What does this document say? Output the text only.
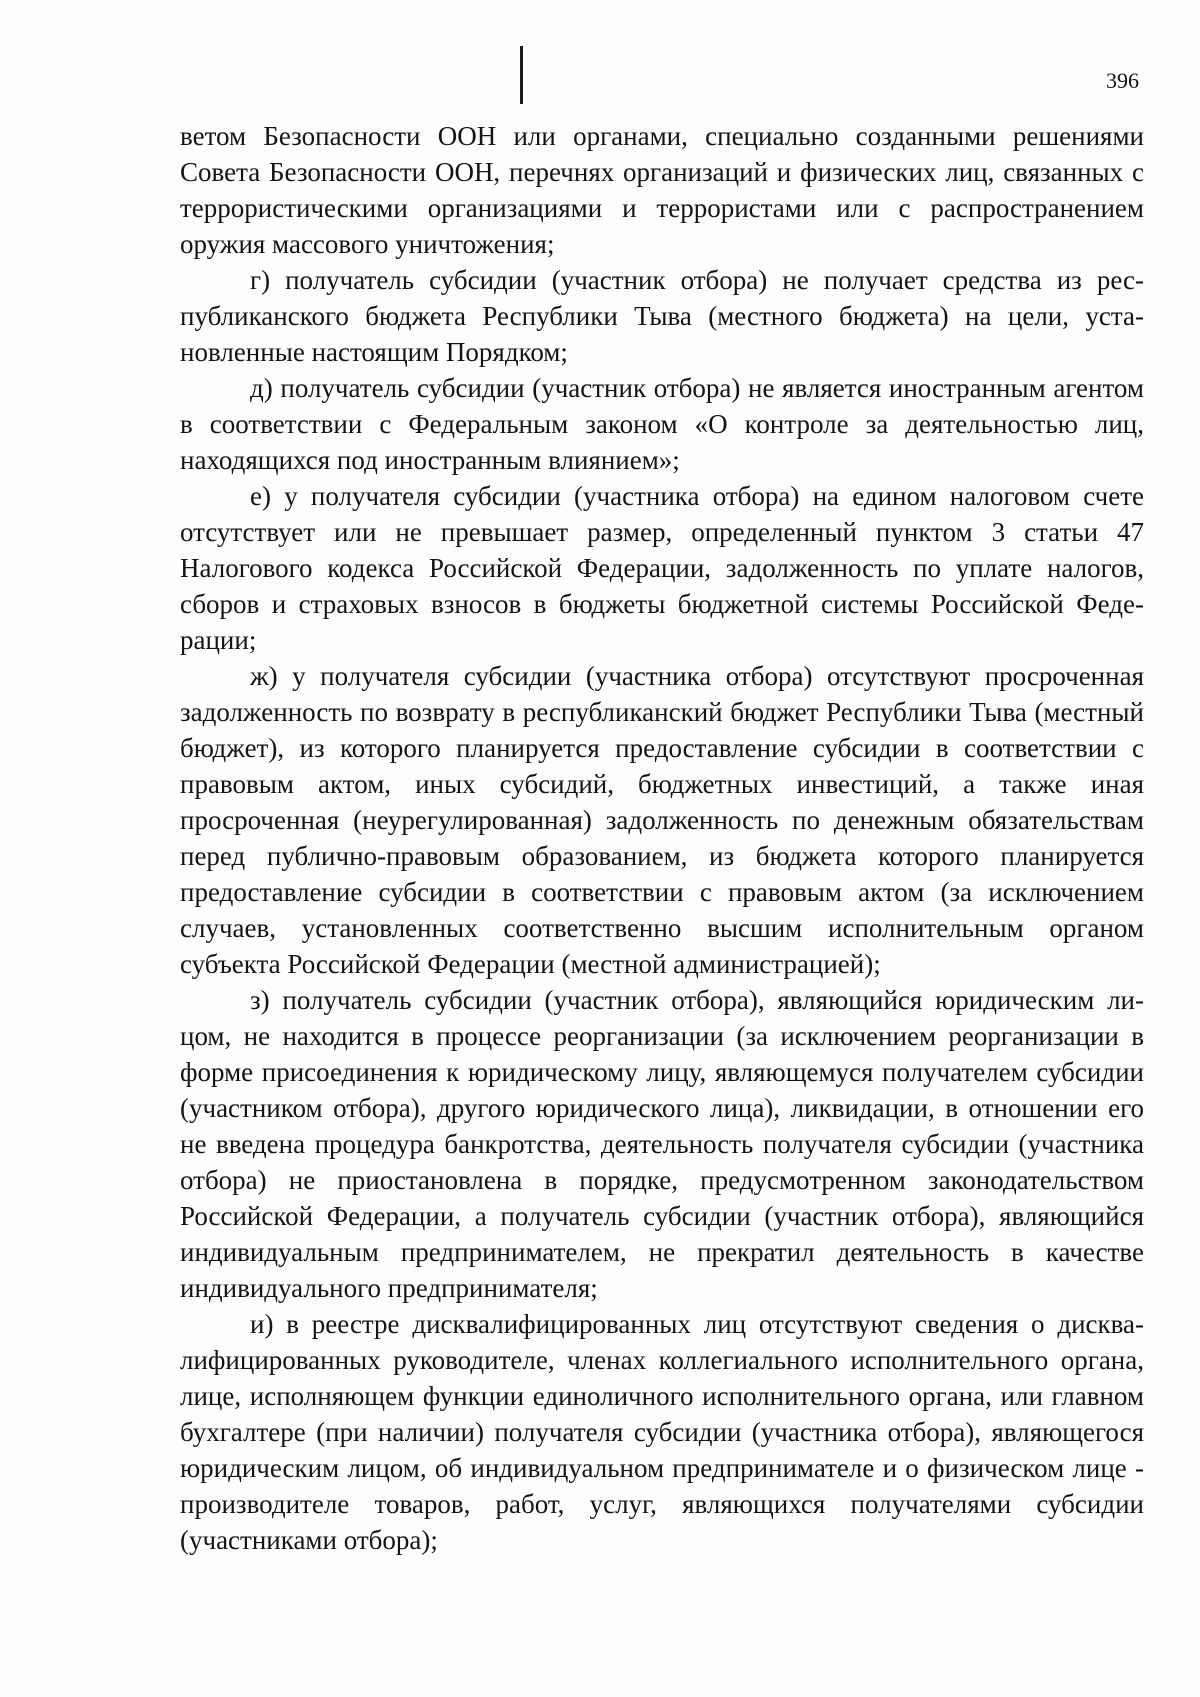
396

ветом Безопасности ООН или органами, специально созданными решениями Совета Безопасности ООН, перечнях организаций и физических лиц, связанных с террористическими организациями и террористами или с распространением оружия массового уничтожения;

г) получатель субсидии (участник отбора) не получает средства из республиканского бюджета Республики Тыва (местного бюджета) на цели, установленные настоящим Порядком;

д) получатель субсидии (участник отбора) не является иностранным агентом в соответствии с Федеральным законом «О контроле за деятельностью лиц, находящихся под иностранным влиянием»;

е) у получателя субсидии (участника отбора) на едином налоговом счете отсутствует или не превышает размер, определенный пунктом 3 статьи 47 Налогового кодекса Российской Федерации, задолженность по уплате налогов, сборов и страховых взносов в бюджеты бюджетной системы Российской Федерации;

ж) у получателя субсидии (участника отбора) отсутствуют просроченная задолженность по возврату в республиканский бюджет Республики Тыва (местный бюджет), из которого планируется предоставление субсидии в соответствии с правовым актом, иных субсидий, бюджетных инвестиций, а также иная просроченная (неурегулированная) задолженность по денежным обязательствам перед публично-правовым образованием, из бюджета которого планируется предоставление субсидии в соответствии с правовым актом (за исключением случаев, установленных соответственно высшим исполнительным органом субъекта Российской Федерации (местной администрацией);

з) получатель субсидии (участник отбора), являющийся юридическим лицом, не находится в процессе реорганизации (за исключением реорганизации в форме присоединения к юридическому лицу, являющемуся получателем субсидии (участником отбора), другого юридического лица), ликвидации, в отношении его не введена процедура банкротства, деятельность получателя субсидии (участника отбора) не приостановлена в порядке, предусмотренном законодательством Российской Федерации, а получатель субсидии (участник отбора), являющийся индивидуальным предпринимателем, не прекратил деятельность в качестве индивидуального предпринимателя;

и) в реестре дисквалифицированных лиц отсутствуют сведения о дисквалифицированных руководителе, членах коллегиального исполнительного органа, лице, исполняющем функции единоличного исполнительного органа, или главном бухгалтере (при наличии) получателя субсидии (участника отбора), являющегося юридическим лицом, об индивидуальном предпринимателе и о физическом лице - производителе товаров, работ, услуг, являющихся получателями субсидии (участниками отбора);
